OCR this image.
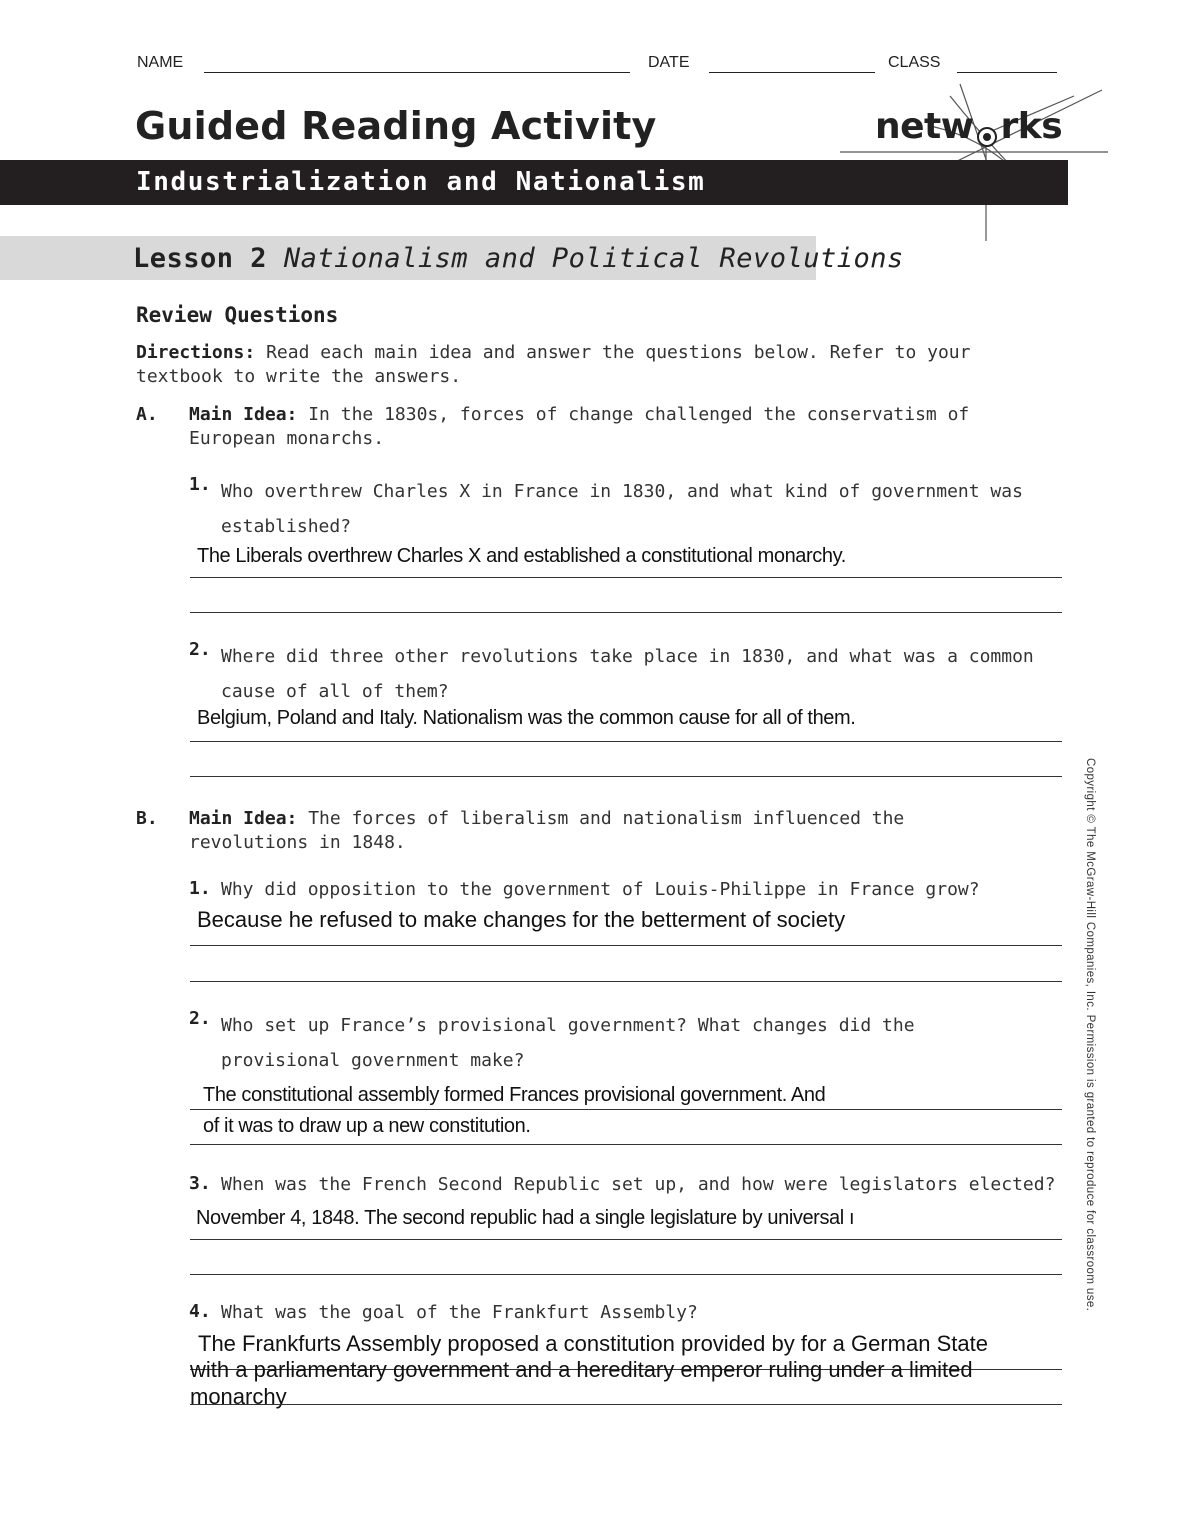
NAME	DATE	CLASS
Guided Reading Activity	netw rks
Industrialization and Nationalism
Lesson 2 Nationalism and Political Revolutions
Review Questions
Directions: Read each main idea and answer the questions below. Refer to your textbook to write the answers.
A. Main Idea: In the 1830s, forces of change challenged the conservatism of European monarchs.
1. Who overthrew Charles X in France in 1830, and what kind of government was established?
The Liberals overthrew Charles X and established a constitutional monarchy.
2. Where did three other revolutions take place in 1830, and what was a common cause of all of them?
Belgium, Poland and Italy. Nationalism was the common cause for all of them.
B. Main Idea: The forces of liberalism and nationalism influenced the revolutions in 1848.
1. Why did opposition to the government of Louis-Philippe in France grow?
Because he refused to make changes for the betterment of society
2. Who set up France’s provisional government? What changes did the provisional government make?
The constitutional assembly formed Frances provisional government. And
of it was to draw up a new constitution.
3. When was the French Second Republic set up, and how were legislators elected?
November 4, 1848. The second republic had a single legislature by universal ı
4. What was the goal of the Frankfurt Assembly?
The Frankfurts Assembly proposed a constitution provided by for a German State
with a parliamentary government and a hereditary emperor ruling under a limited
monarchy
Copyright © The McGraw-Hill Companies, Inc. Permission is granted to reproduce for classroom use.
